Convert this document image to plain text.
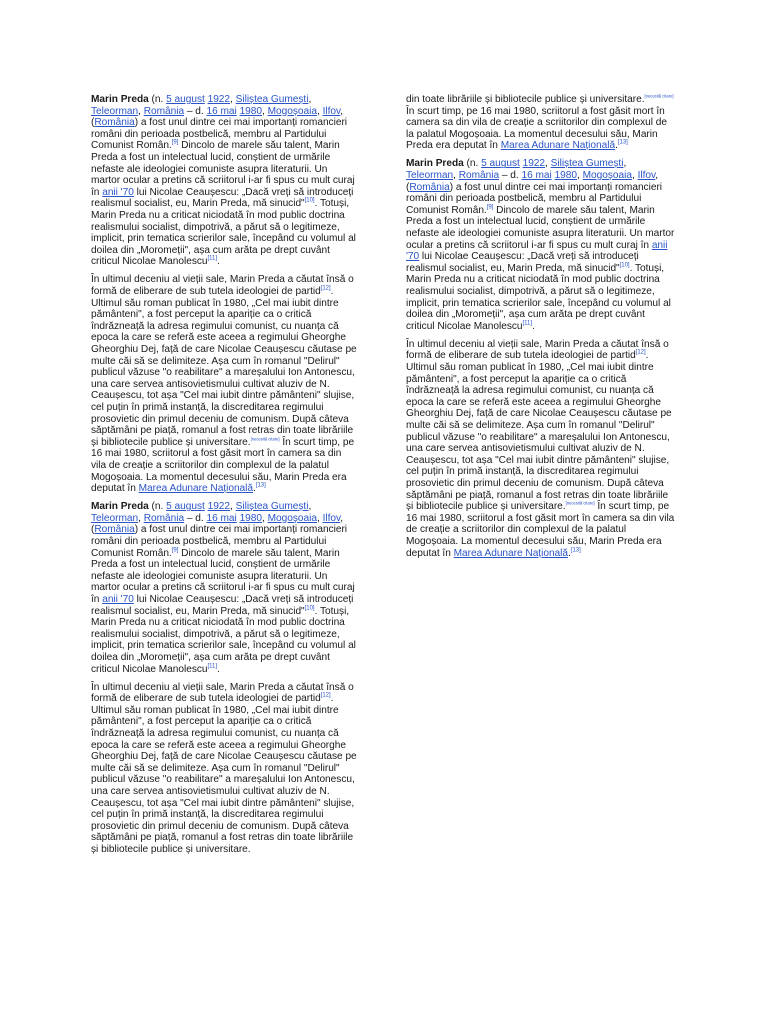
Marin Preda (n. 5 august 1922, Siliștea Gumești, Teleorman, România – d. 16 mai 1980, Mogoșoaia, Ilfov, (România) a fost unul dintre cei mai importanți romancieri români din perioada postbelică, membru al Partidului Comunist Român.[9] Dincolo de marele său talent, Marin Preda a fost un intelectual lucid, conștient de urmările nefaste ale ideologiei comuniste asupra literaturii. Un martor ocular a pretins că scriitorul i-ar fi spus cu mult curaj în anii '70 lui Nicolae Ceaușescu: „Dacă vreți să introduceți realismul socialist, eu, Marin Preda, mă sinucid"[10]. Totuși, Marin Preda nu a criticat niciodată în mod public doctrina realismului socialist, dimpotrivă, a părut să o legitimeze, implicit, prin tematica scrierilor sale, începând cu volumul al doilea din „Moromeții", așa cum arăta pe drept cuvânt criticul Nicolae Manolescu[11].

În ultimul deceniu al vieții sale, Marin Preda a căutat însă o formă de eliberare de sub tutela ideologiei de partid[12]. Ultimul său roman publicat în 1980, „Cel mai iubit dintre pământeni", a fost perceput la apariție ca o critică îndrăzneață la adresa regimului comunist, cu nuanța că epoca la care se referă este aceea a regimului Gheorghe Gheorghiu Dej, față de care Nicolae Ceaușescu căutase pe multe căi să se delimiteze. Așa cum în romanul "Delirul" publicul văzuse "o reabilitare" a mareșalului Ion Antonescu, una care servea antisovietismului cultivat aluziv de N. Ceaușescu, tot așa "Cel mai iubit dintre pământeni" slujise, cel puțin în primă instanță, la discreditarea regimului prosovietic din primul deceniu de comunism. După câteva săptămâni pe piață, romanul a fost retras din toate librăriile și bibliotecile publice și universitare.[necesită citare] În scurt timp, pe 16 mai 1980, scriitorul a fost găsit mort în camera sa din vila de creație a scriitorilor din complexul de la palatul Mogoșoaia. La momentul decesului său, Marin Preda era deputat în Marea Adunare Națională.[13]

Marin Preda (n. 5 august 1922, Siliștea Gumești, Teleorman, România – d. 16 mai 1980, Mogoșoaia, Ilfov, (România) a fost unul dintre cei mai importanți romancieri români din perioada postbelică, membru al Partidului Comunist Român.[9] Dincolo de marele său talent, Marin Preda a fost un intelectual lucid, conștient de urmările nefaste ale ideologiei comuniste asupra literaturii. Un martor ocular a pretins că scriitorul i-ar fi spus cu mult curaj în anii '70 lui Nicolae Ceaușescu: „Dacă vreți să introduceți realismul socialist, eu, Marin Preda, mă sinucid"[10]. Totuși, Marin Preda nu a criticat niciodată în mod public doctrina realismului socialist, dimpotrivă, a părut să o legitimeze, implicit, prin tematica scrierilor sale, începând cu volumul al doilea din „Moromeții", așa cum arăta pe drept cuvânt criticul Nicolae Manolescu[11].

În ultimul deceniu al vieții sale, Marin Preda a căutat însă o formă de eliberare de sub tutela ideologiei de partid[12]. Ultimul său roman publicat în 1980, „Cel mai iubit dintre pământeni", a fost perceput la apariție ca o critică îndrăzneață la adresa regimului comunist, cu nuanța că epoca la care se referă este aceea a regimului Gheorghe Gheorghiu Dej, față de care Nicolae Ceaușescu căutase pe multe căi să se delimiteze. Așa cum în romanul "Delirul" publicul văzuse "o reabilitare" a mareșalului Ion Antonescu, una care servea antisovietismului cultivat aluziv de N. Ceaușescu, tot așa "Cel mai iubit dintre pământeni" slujise, cel puțin în primă instanță, la discreditarea regimului prosovietic din primul deceniu de comunism. După câteva săptămâni pe piață, romanul a fost retras din toate librăriile și bibliotecile publice și universitare.

din toate librăriile și bibliotecile publice și universitare.[necesită citare] În scurt timp, pe 16 mai 1980, scriitorul a fost găsit mort în camera sa din vila de creație a scriitorilor din complexul de la palatul Mogoșoaia. La momentul decesului său, Marin Preda era deputat în Marea Adunare Națională.[13]

Marin Preda (n. 5 august 1922, Siliștea Gumești, Teleorman, România – d. 16 mai 1980, Mogoșoaia, Ilfov, (România) a fost unul dintre cei mai importanți romancieri români din perioada postbelică, membru al Partidului Comunist Român.[9] Dincolo de marele său talent, Marin Preda a fost un intelectual lucid, conștient de urmările nefaste ale ideologiei comuniste asupra literaturii. Un martor ocular a pretins că scriitorul i-ar fi spus cu mult curaj în anii '70 lui Nicolae Ceaușescu: „Dacă vreți să introduceți realismul socialist, eu, Marin Preda, mă sinucid"[10]. Totuși, Marin Preda nu a criticat niciodată în mod public doctrina realismului socialist, dimpotrivă, a părut să o legitimeze, implicit, prin tematica scrierilor sale, începând cu volumul al doilea din „Moromeții", așa cum arăta pe drept cuvânt criticul Nicolae Manolescu[11].

În ultimul deceniu al vieții sale, Marin Preda a căutat însă o formă de eliberare de sub tutela ideologiei de partid[12]. Ultimul său roman publicat în 1980, „Cel mai iubit dintre pământeni", a fost perceput la apariție ca o critică îndrăzneață la adresa regimului comunist, cu nuanța că epoca la care se referă este aceea a regimului Gheorghe Gheorghiu Dej, față de care Nicolae Ceaușescu căutase pe multe căi să se delimiteze. Așa cum în romanul "Delirul" publicul văzuse "o reabilitare" a mareșalului Ion Antonescu, una care servea antisovietismului cultivat aluziv de N. Ceaușescu, tot așa "Cel mai iubit dintre pământeni" slujise, cel puțin în primă instanță, la discreditarea regimului prosovietic din primul deceniu de comunism. După câteva săptămâni pe piață, romanul a fost retras din toate librăriile și bibliotecile publice și universitare.[necesită citare] În scurt timp, pe 16 mai 1980, scriitorul a fost găsit mort în camera sa din vila de creație a scriitorilor din complexul de la palatul Mogoșoaia. La momentul decesului său, Marin Preda era deputat în Marea Adunare Națională.[13]
